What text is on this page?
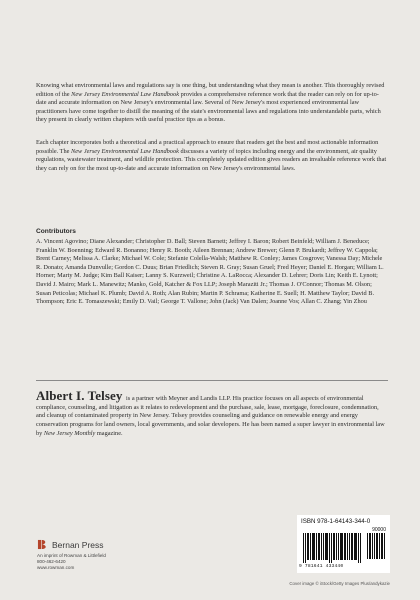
Knowing what environmental laws and regulations say is one thing, but understanding what they mean is another. This thoroughly revised edition of the New Jersey Environmental Law Handbook provides a comprehensive reference work that the reader can rely on for up-to-date and accurate information on New Jersey's environmental law. Several of New Jersey's most experienced environmental law practitioners have come together to distill the meaning of the state's environmental laws and regulations into understandable parts, which they present in clearly written chapters with useful practice tips as a bonus.
Each chapter incorporates both a theoretical and a practical approach to ensure that readers get the best and most actionable information possible. The New Jersey Environmental Law Handbook discusses a variety of topics including energy and the environment, air quality regulations, wastewater treatment, and wildlife protection. This completely updated edition gives readers an invaluable reference work that they can rely on for the most up-to-date and accurate information on New Jersey's environmental laws.
Contributors
A. Vincent Agovino; Diane Alexander; Christopher D. Ball; Steven Barnett; Jeffrey I. Baron; Robert Beinfeld; William J. Beneduce; Franklin W. Boenning; Edward R. Bonanno; Henry R. Booth; Aileen Brennan; Andrew Brewer; Glenn P. Brukardt; Jeffrey W. Cappola; Brent Carney; Melissa A. Clarke; Michael W. Cole; Stefanie Colella-Walsh; Matthew R. Conley; James Cosgrove; Vanessa Day; Michele R. Donato; Amanda Dunvulle; Gordon C. Duus; Brian Friedlich; Steven R. Gray; Susan Gruel; Fred Heyer; Daniel E. Horgan; William L. Horner; Marty M. Judge; Kim Ball Kaiser; Lanny S. Kurzweil; Christine A. LaRocca; Alexander D. Lehrer; Doris Lin; Keith E. Lynott; David J. Mairo; Mark L. Manewitz; Manko, Gold, Katcher & Fox LLP; Joseph Maraziti Jr.; Thomas J. O'Connor; Thomas M. Olson; Susan Peticolas; Michael K. Plumb; David A. Roth; Alan Rubin; Martin P. Schrama; Katherine E. Suell; H. Matthew Taylor; David B. Thompson; Eric E. Tomaszewski; Emily D. Vail; George T. Vallone; John (Jack) Van Dalen; Joanne Vos; Allan C. Zhang; Yin Zhou
Albert I. Telsey is a partner with Meyner and Landis LLP. His practice focuses on all aspects of environmental compliance, counseling, and litigation as it relates to redevelopment and the purchase, sale, lease, mortgage, foreclosure, condemnation, and cleanup of contaminated property in New Jersey. Telsey provides counseling and guidance on renewable energy and energy conservation programs for land owners, local governments, and solar developers. He has been named a super lawyer in environmental law by New Jersey Monthly magazine.
Bernan Press
An imprint of Rowman & Littlefield
800-462-6420
www.rowman.com
ISBN 978-1-64143-344-0
90000
9 781641 433440
Cover image © iStock/Getty Images Plus/andykazie
